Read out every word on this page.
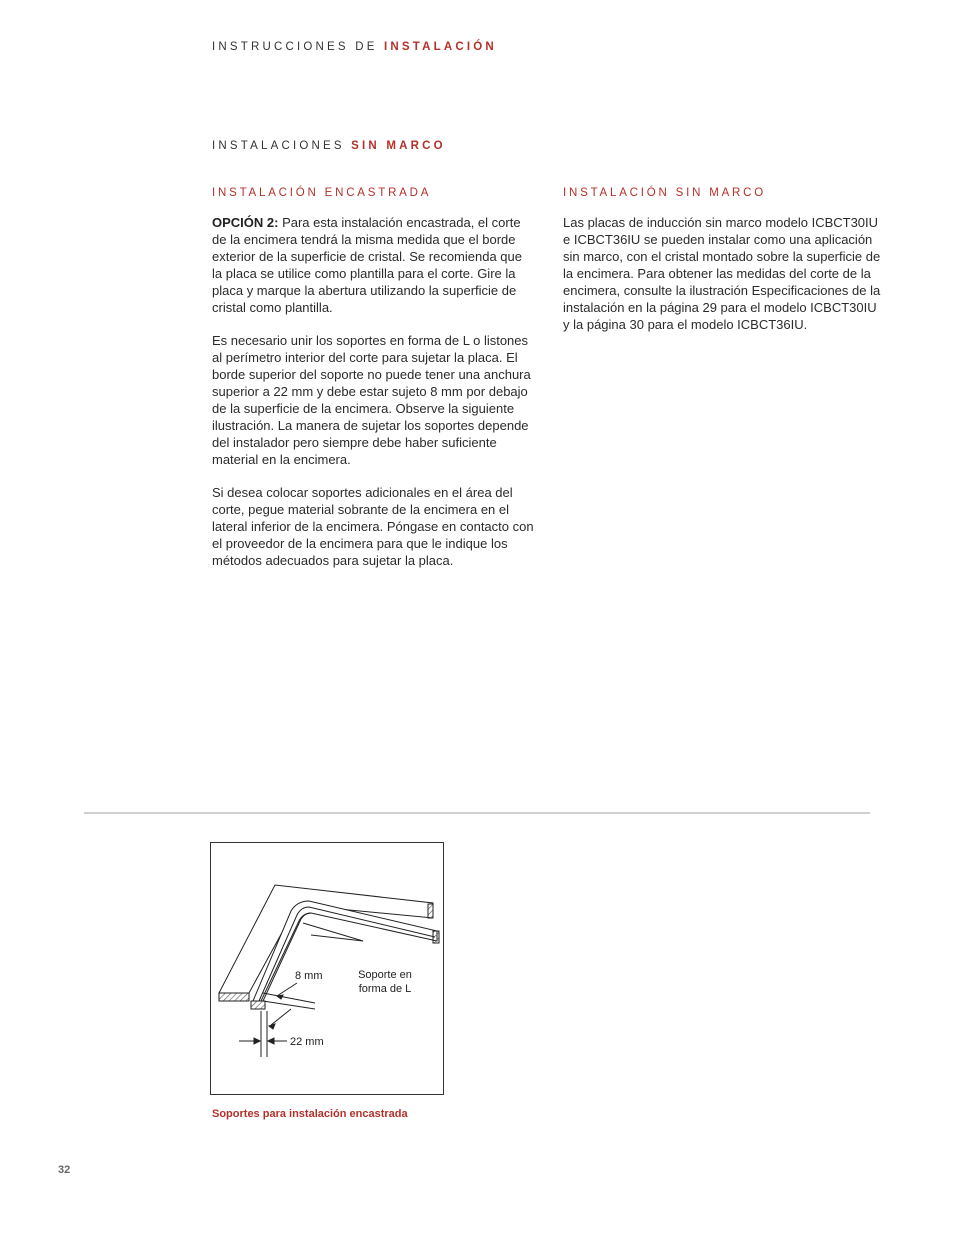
INSTRUCCIONES DE INSTALACIÓN
INSTALACIONES SIN MARCO
INSTALACIÓN ENCASTRADA

OPCIÓN 2: Para esta instalación encastrada, el corte de la encimera tendrá la misma medida que el borde exterior de la superficie de cristal. Se recomienda que la placa se utilice como plantilla para el corte. Gire la placa y marque la abertura utilizando la superficie de cristal como plantilla.

Es necesario unir los soportes en forma de L o listones al perímetro interior del corte para sujetar la placa. El borde superior del soporte no puede tener una anchura superior a 22 mm y debe estar sujeto 8 mm por debajo de la superficie de la encimera. Observe la siguiente ilustración. La manera de sujetar los soportes depende del instalador pero siempre debe haber suficiente material en la encimera.

Si desea colocar soportes adicionales en el área del corte, pegue material sobrante de la encimera en el lateral inferior de la encimera. Póngase en contacto con el proveedor de la encimera para que le indique los métodos adecuados para sujetar la placa.

INSTALACIÓN SIN MARCO

Las placas de inducción sin marco modelo ICBCT30IU e ICBCT36IU se pueden instalar como una aplicación sin marco, con el cristal montado sobre la superficie de la encimera. Para obtener las medidas del corte de la encimera, consulte la ilustración Especificaciones de la instalación en la página 29 para el modelo ICBCT30IU y la página 30 para el modelo ICBCT36IU.

8 mm	Soporte en
forma de L
22 mm
Soportes para instalación encastrada
32
